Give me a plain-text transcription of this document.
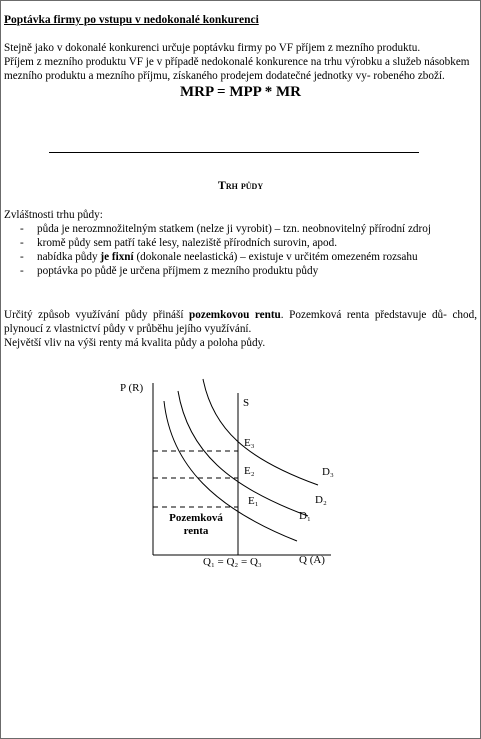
Poptávka firmy po vstupu v nedokonalé konkurenci

Stejně jako v dokonalé konkurenci určuje poptávku firmy po VF příjem z mezního produktu.

Příjem z mezního produktu VF je v případě nedokonalé konkurence na trhu výrobku a služeb násobkem mezního produktu a mezního příjmu, získaného prodejem dodatečné jednotky vy- robeného zboží.

MRP = MPP * MR

Trh půdy

Zvláštnosti trhu půdy:

- půda je nerozmnožitelným statkem (nelze ji vyrobit) – tzn. neobnovitelný přírodní zdroj
- kromě půdy sem patří také lesy, naleziště přírodních surovin, apod.
- nabídka půdy je fixní (dokonale neelastická) – existuje v určitém omezeném rozsahu
- poptávka po půdě je určena příjmem z mezního produktu půdy

Určitý způsob využívání půdy přináší pozemkovou rentu. Pozemková renta představuje dů- chod, plynoucí z vlastnictví půdy v průběhu jejího využívání.

Největší vliv na výši renty má kvalita půdy a poloha půdy.

P (R)
Q (A)
S
E₃
E₂
E₁
D₃
D₂
D₁
Pozemková
renta
Q₁ = Q₂ = Q₃
